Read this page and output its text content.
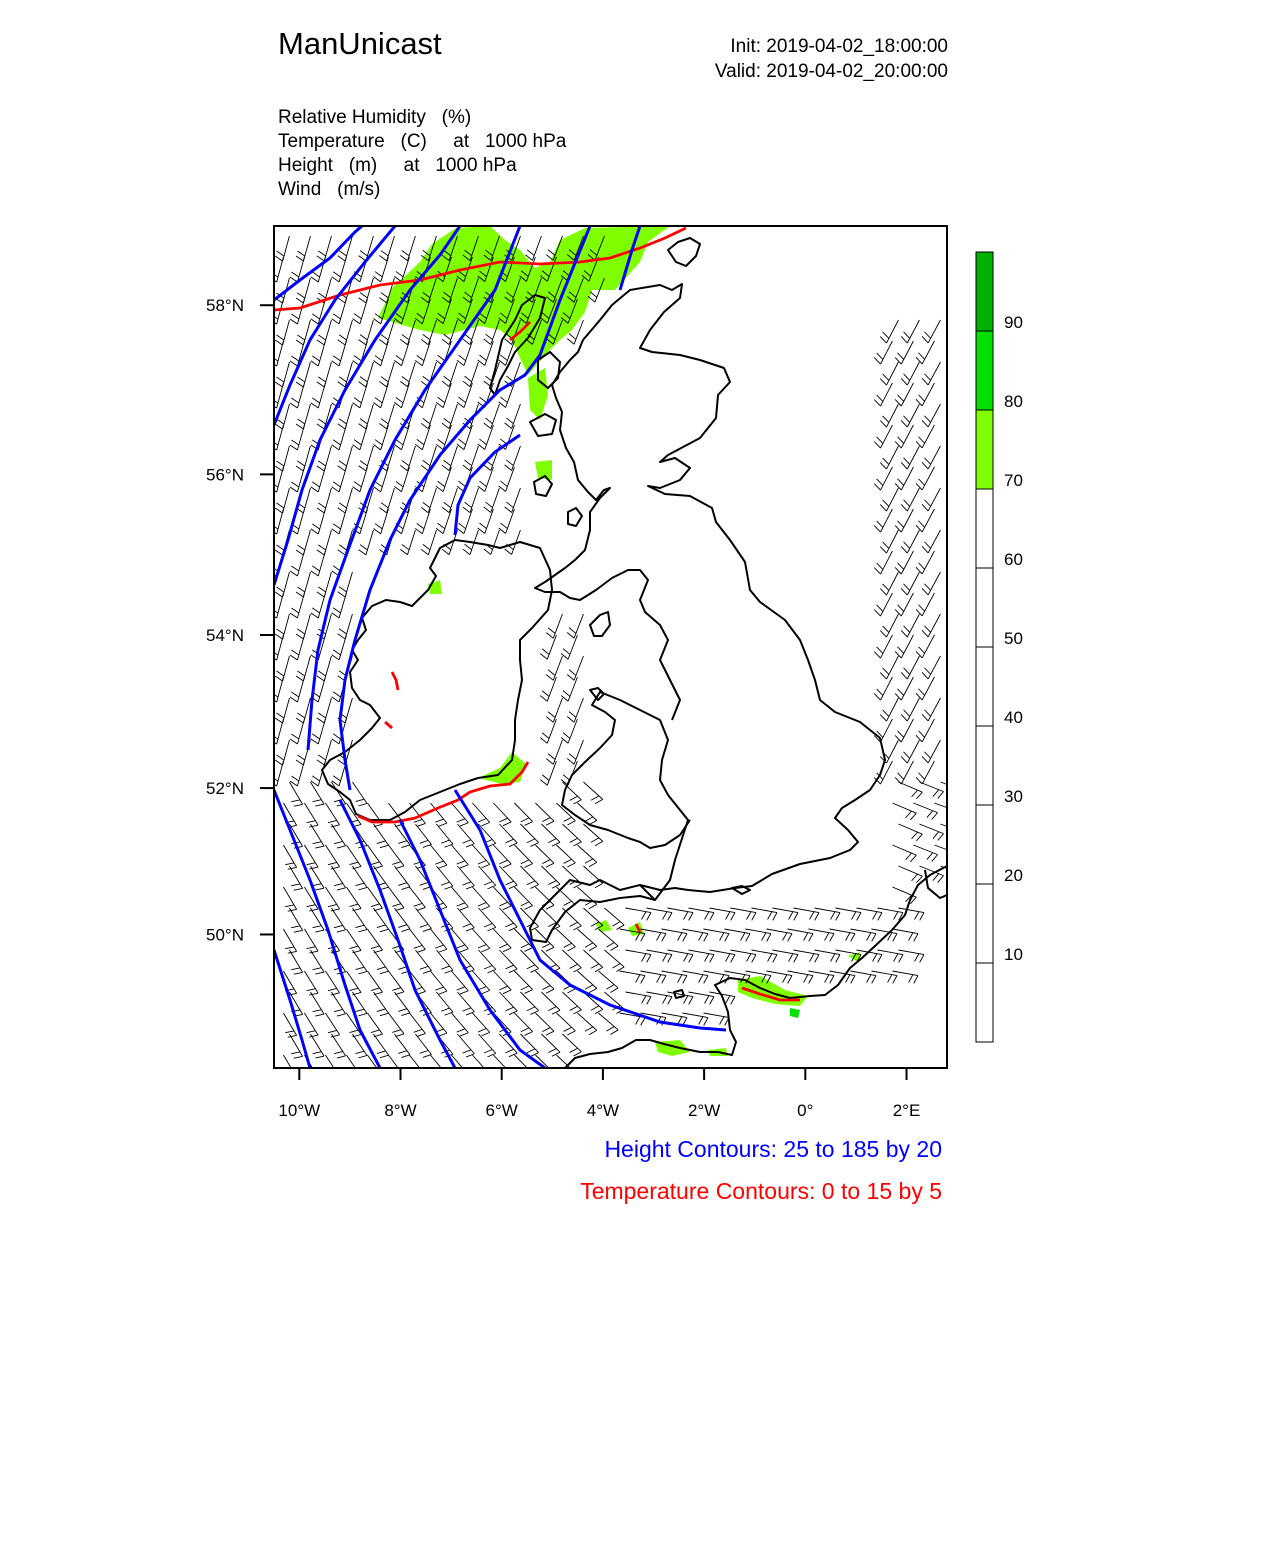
ManUnicast	Init: 2019-04-02_18:00:00
Valid: 2019-04-02_20:00:00
Relative Humidity   (%)
Temperature   (C)     at   1000 hPa
Height   (m)     at   1000 hPa
Wind   (m/s)
10°W	8°W	6°W	4°W	2°W	0°	2°E
58°N
56°N
54°N
52°N
50°N
10
20
30
40
50
60
70
80
90
Height Contours: 25 to 185 by 20
Temperature Contours: 0 to 15 by 5
